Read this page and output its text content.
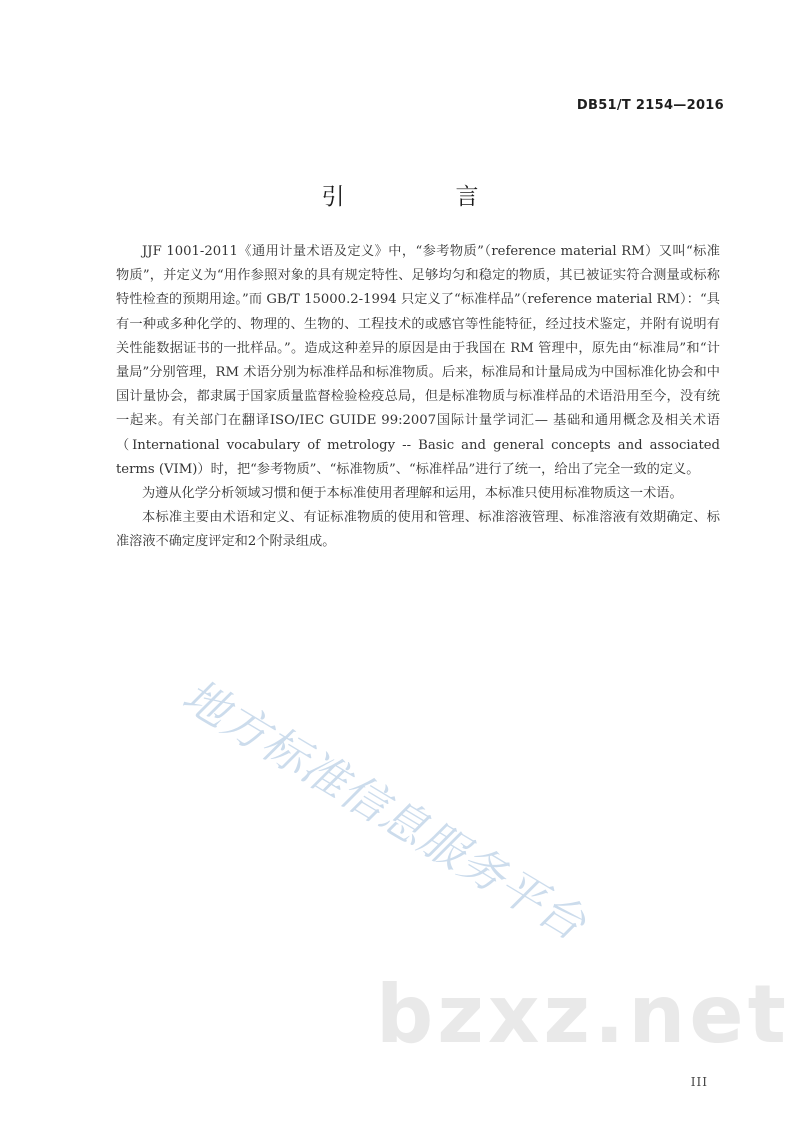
DB51/T 2154—2016
引　言

JJF 1001-2011《通用计量术语及定义》中，“参考物质”（reference material RM）又叫“标准物质”，并定义为“用作参照对象的具有规定特性、足够均匀和稳定的物质，其已被证实符合测量或标称特性检查的预期用途。”而 GB/T 15000.2-1994 只定义了“标准样品”（reference material RM）：“具有一种或多种化学的、物理的、生物的、工程技术的或感官等性能特征，经过技术鉴定，并附有说明有关性能数据证书的一批样品。”。造成这种差异的原因是由于我国在 RM 管理中，原先由“标准局”和“计量局”分别管理，RM 术语分别为标准样品和标准物质。后来，标准局和计量局成为中国标准化协会和中国计量协会，都隶属于国家质量监督检验检疫总局，但是标准物质与标准样品的术语沿用至今，没有统一起来。有关部门在翻译ISO/IEC GUIDE 99:2007国际计量学词汇— 基础和通用概念及相关术语（International vocabulary of metrology -- Basic and general concepts and associated terms (VIM)）时，把“参考物质”、“标准物质”、“标准样品”进行了统一，给出了完全一致的定义。

为遵从化学分析领域习惯和便于本标准使用者理解和运用，本标准只使用标准物质这一术语。

本标准主要由术语和定义、有证标准物质的使用和管理、标准溶液管理、标准溶液有效期确定、标准溶液不确定度评定和2个附录组成。

地方标准信息服务平台
bzxz.net
III
